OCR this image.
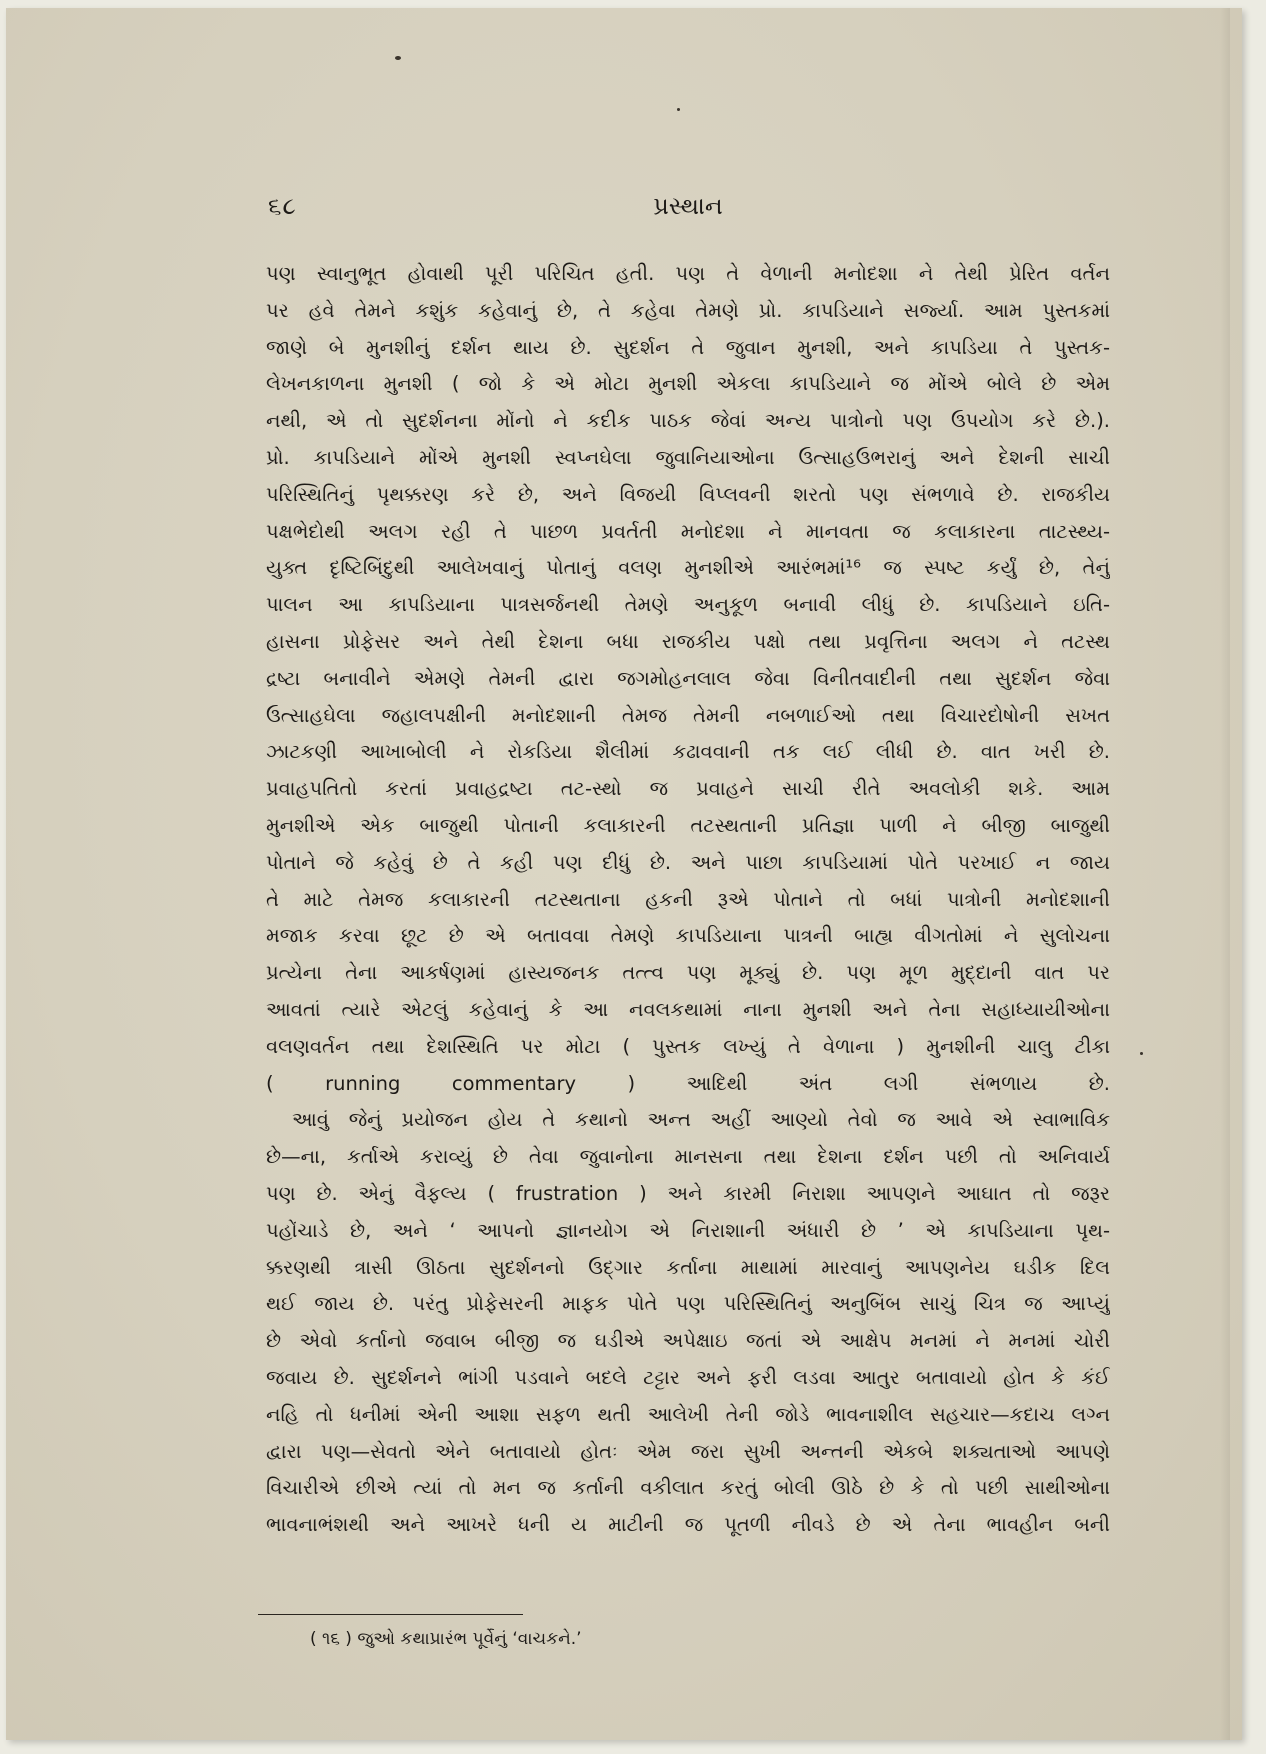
૬૮	પ્રસ્થાન
પણ સ્વાનુભૂત હોવાથી પૂરી પરિચિત હતી. પણ તે વેળાની મનોદશા ને તેથી પ્રેરિત વર્તન
પર હવે તેમને કશુંક કહેવાનું છે, તે કહેવા તેમણે પ્રો. કાપડિયાને સર્જ્યા. આમ પુસ્તકમાં
જાણે બે મુનશીનું દર્શન થાય છે. સુદર્શન તે જુવાન મુનશી, અને કાપડિયા તે પુસ્તક-
લેખનકાળના મુનશી ( જો કે એ મોટા મુનશી એકલા કાપડિયાને જ મોંએ બોલે છે એમ
નથી, એ તો સુદર્શનના મોંનો ને કદીક પાઠક જેવાં અન્ય પાત્રોનો પણ ઉપયોગ કરે છે.).
પ્રો. કાપડિયાને મોંએ મુનશી સ્વપ્નઘેલા જુવાનિયાઓના ઉત્સાહઉભરાનું અને દેશની સાચી
પરિસ્થિતિનું પૃથક્કરણ કરે છે, અને વિજયી વિપ્લવની શરતો પણ સંભળાવે છે. રાજકીય
પક્ષભેદોથી અલગ રહી તે પાછળ પ્રવર્તતી મનોદશા ને માનવતા જ કલાકારના તાટસ્થ્ય-
યુક્ત દૃષ્ટિબિંદુથી આલેખવાનું પોતાનું વલણ મુનશીએ આરંભમાં¹⁶ જ સ્પષ્ટ કર્યું છે, તેનું
પાલન આ કાપડિયાના પાત્રસર્જનથી તેમણે અનુકૂળ બનાવી લીધું છે. કાપડિયાને ઇતિ-
હાસના પ્રોફેસર અને તેથી દેશના બધા રાજકીય પક્ષો તથા પ્રવૃત્તિના અલગ ને તટસ્થ
દ્રષ્ટા બનાવીને એમણે તેમની દ્વારા જગમોહનલાલ જેવા વિનીતવાદીની તથા સુદર્શન જેવા
ઉત્સાહઘેલા જહાલપક્ષીની મનોદશાની તેમજ તેમની નબળાઈઓ તથા વિચારદોષોની સખત
ઝાટકણી આખાબોલી ને રોકડિયા શૈલીમાં કઢાવવાની તક લઈ લીધી છે. વાત ખરી છે.
પ્રવાહપતિતો કરતાં પ્રવાહદ્રષ્ટા તટ-સ્થો જ પ્રવાહને સાચી રીતે અવલોકી શકે. આમ
મુનશીએ એક બાજુથી પોતાની કલાકારની તટસ્થતાની પ્રતિજ્ઞા પાળી ને બીજી બાજુથી
પોતાને જે કહેવું છે તે કહી પણ દીધું છે. અને પાછા કાપડિયામાં પોતે પરખાઈ ન જાય
તે માટે તેમજ કલાકારની તટસ્થતાના હકની રૂએ પોતાને તો બધાં પાત્રોની મનોદશાની
મજાક કરવા છૂટ છે એ બતાવવા તેમણે કાપડિયાના પાત્રની બાહ્ય વીગતોમાં ને સુલોચના
પ્રત્યેના તેના આકર્ષણમાં હાસ્યજનક તત્ત્વ પણ મૂક્યું છે. પણ મૂળ મુદ્દાની વાત પર
આવતાં ત્યારે એટલું કહેવાનું કે આ નવલકથામાં નાના મુનશી અને તેના સહાધ્યાયીઓના
વલણવર્તન તથા દેશસ્થિતિ પર મોટા ( પુસ્તક લખ્યું તે વેળાના ) મુનશીની ચાલુ ટીકા
( running commentary ) આદિથી અંત લગી સંભળાય છે.
આવું જેનું પ્રયોજન હોય તે કથાનો અન્ત અહીં આણ્યો તેવો જ આવે એ સ્વાભાવિક
છે—ના, કર્તાએ કરાવ્યું છે તેવા જુવાનોના માનસના તથા દેશના દર્શન પછી તો અનિવાર્ય
પણ છે. એનું વૈફલ્ય ( frustration ) અને કારમી નિરાશા આપણને આઘાત તો જરૂર
પહોંચાડે છે, અને ‘ આપનો જ્ઞાનયોગ એ નિરાશાની અંધારી છે ’ એ કાપડિયાના પૃથ-
ક્કરણથી ત્રાસી ઊઠતા સુદર્શનનો ઉદ્ગાર કર્તાના માથામાં મારવાનું આપણનેય ઘડીક દિલ
થઈ જાય છે. પરંતુ પ્રોફેસરની માફક પોતે પણ પરિસ્થિતિનું અનુબિંબ સાચું ચિત્ર જ આપ્યું
છે એવો કર્તાનો જવાબ બીજી જ ઘડીએ અપેક્ષાઇ જતાં એ આક્ષેપ મનમાં ને મનમાં ચોરી
જવાય છે. સુદર્શનને ભાંગી પડવાને બદલે ટટ્ટાર અને ફરી લડવા આતુર બતાવાયો હોત કે કંઈ
નહિ તો ધનીમાં એની આશા સફળ થતી આલેખી તેની જોડે ભાવનાશીલ સહચાર—કદાચ લગ્ન
દ્વારા પણ—સેવતો એને બતાવાયો હોતઃ એમ જરા સુખી અન્તની એકબે શક્યતાઓ આપણે
વિચારીએ છીએ ત્યાં તો મન જ કર્તાની વકીલાત કરતું બોલી ઊઠે છે કે તો પછી સાથીઓના
ભાવનાભંશથી અને આખરે ધની ય માટીની જ પૂતળી નીવડે છે એ તેના ભાવહીન બની
( ૧૬ ) જુઓ કથાપ્રારંભ પૂર્વેનું ‘વાચકને.’
